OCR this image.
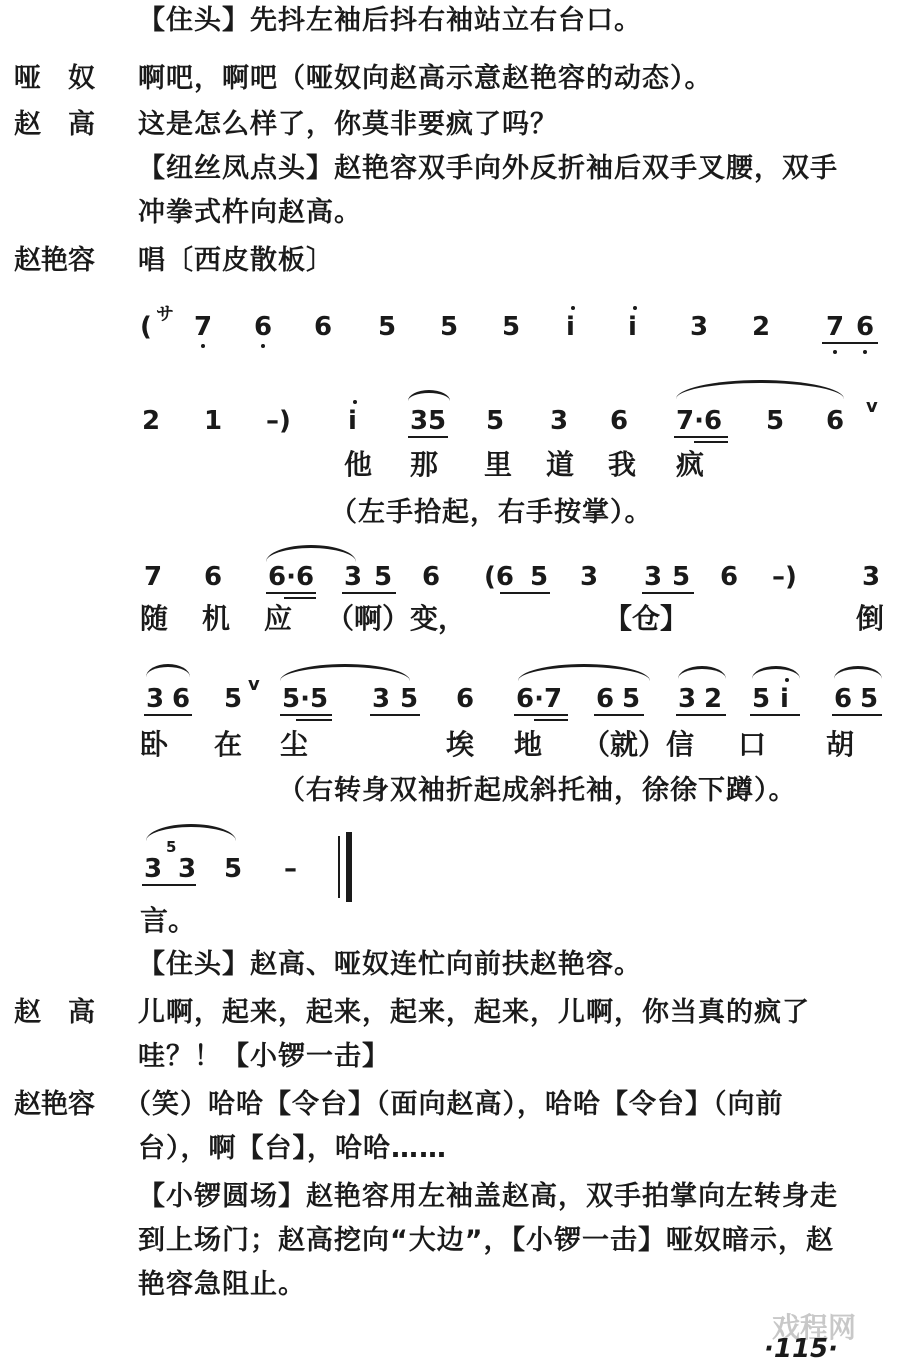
【住头】先抖左袖后抖右袖站立右台口。
哑　奴 啊吧，啊吧（哑奴向赵高示意赵艳容的动态）。
赵　高 这是怎么样了，你莫非要疯了吗？
【纽丝凤点头】赵艳容双手向外反折袖后双手叉腰，双手
冲拳式杵向赵高。
赵艳容 唱〔西皮散板〕
( サ 7 6 6 5 5 5 i i 3 2 7 6
2 1 –) i 3 5 5 3 6 7·6 5 6 v
他 那 里 道 我 疯
（左手拾起，右手按掌）。
7 6 6·6 3 5 6 (6 5 3 3 5 6 –)	3
随 机 应 （啊）变，	【仓】	倒
3 6 5 v 5·5 3 5 6 6·7 6 5 3 2 5 i 6 5
卧 在 尘	埃 地 （就）信 口 胡
（右转身双袖折起成斜托袖，徐徐下蹲）。
3
5
3 5 –
言。
【住头】赵高、哑奴连忙向前扶赵艳容。
赵　高 儿啊，起来，起来，起来，起来，儿啊，你当真的疯了
哇？！【小锣一击】
赵艳容 （笑）哈哈【令台】（面向赵高），哈哈【令台】（向前
台），啊【台】，哈哈……
【小锣圆场】赵艳容用左袖盖赵高，双手拍掌向左转身走
到上场门；赵高挖向“大边”，【小锣一击】哑奴暗示，赵
艳容急阻止。
戏程网
·115·
